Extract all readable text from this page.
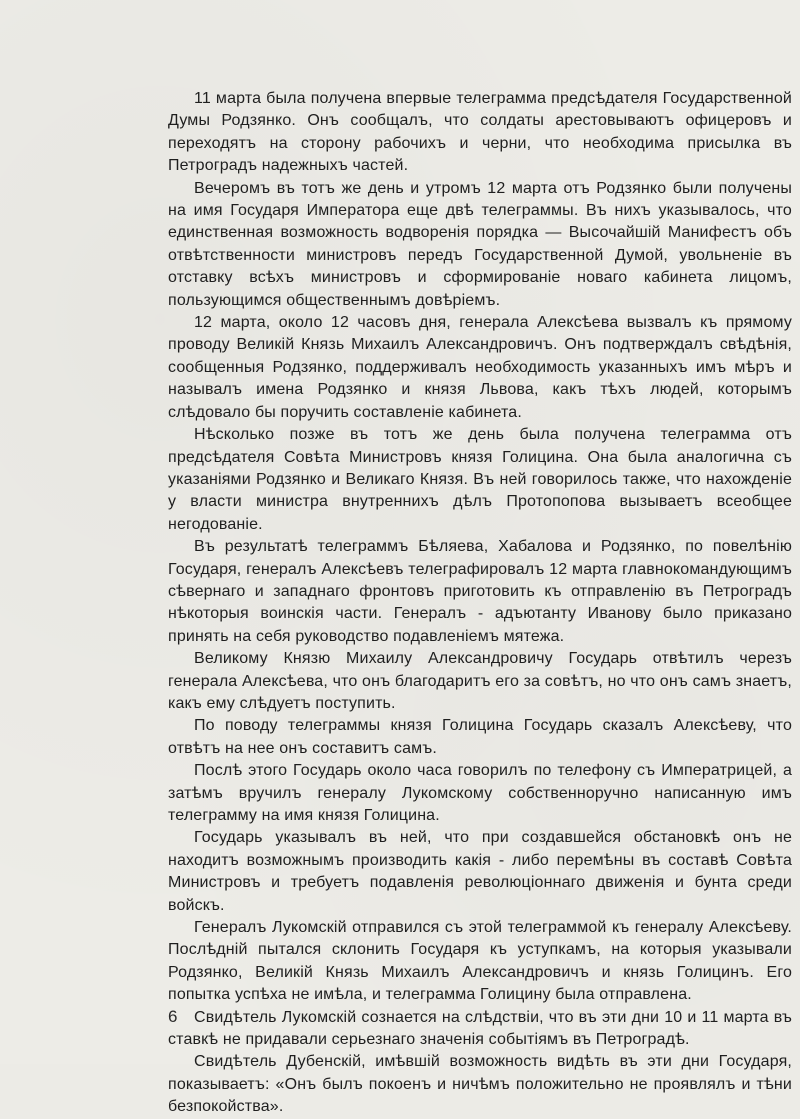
11 марта была получена впервые телеграмма предсѣдателя Государственной Думы Родзянко. Онъ сообщалъ, что солдаты арестовываютъ офицеровъ и переходятъ на сторону рабочихъ и черни, что необходима присылка въ Петроградъ надежныхъ частей.

Вечеромъ въ тотъ же день и утромъ 12 марта отъ Родзянко были получены на имя Государя Императора еще двѣ телеграммы. Въ нихъ указывалось, что единственная возможность водворенія порядка — Высочайшій Манифестъ объ отвѣтственности министровъ передъ Государственной Думой, увольненіе въ отставку всѣхъ министровъ и сформированіе новаго кабинета лицомъ, пользующимся общественнымъ довѣріемъ.

12 марта, около 12 часовъ дня, генерала Алексѣева вызвалъ къ прямому проводу Великій Князь Михаилъ Александровичъ. Онъ подтверждалъ свѣдѣнія, сообщенныя Родзянко, поддерживалъ необходимость указанныхъ имъ мѣръ и называлъ имена Родзянко и князя Львова, какъ тѣхъ людей, которымъ слѣдовало бы поручить составленіе кабинета.

Нѣсколько позже въ тотъ же день была получена телеграмма отъ предсѣдателя Совѣта Министровъ князя Голицина. Она была аналогична съ указаніями Родзянко и Великаго Князя. Въ ней говорилось также, что нахожденіе у власти министра внутреннихъ дѣлъ Протопопова вызываетъ всеобщее негодованіе.

Въ результатѣ телеграммъ Бѣляева, Хабалова и Родзянко, по повелѣнію Государя, генералъ Алексѣевъ телеграфировалъ 12 марта главнокомандующимъ сѣвернаго и западнаго фронтовъ приготовить къ отправленію въ Петроградъ нѣкоторыя воинскія части. Генералъ - адъютанту Иванову было приказано принять на себя руководство подавленіемъ мятежа.

Великому Князю Михаилу Александровичу Государь отвѣтилъ черезъ генерала Алексѣева, что онъ благодаритъ его за совѣтъ, но что онъ самъ знаетъ, какъ ему слѣдуетъ поступить.

По поводу телеграммы князя Голицина Государь сказалъ Алексѣеву, что отвѣтъ на нее онъ составитъ самъ.

Послѣ этого Государь около часа говорилъ по телефону съ Императрицей, а затѣмъ вручилъ генералу Лукомскому собственноручно написанную имъ телеграмму на имя князя Голицина.

Государь указывалъ въ ней, что при создавшейся обстановкѣ онъ не находитъ возможнымъ производить какія - либо перемѣны въ составѣ Совѣта Министровъ и требуетъ подавленія революціоннаго движенія и бунта среди войскъ.

Генералъ Лукомскій отправился съ этой телеграммой къ генералу Алексѣеву. Послѣдній пытался склонить Государя къ уступкамъ, на которыя указывали Родзянко, Великій Князь Михаилъ Александровичъ и князь Голицинъ. Его попытка успѣха не имѣла, и телеграмма Голицину была отправлена.

Свидѣтель Лукомскій сознается на слѣдствіи, что въ эти дни 10 и 11 марта въ ставкѣ не придавали серьезнаго значенія событіямъ въ Петроградѣ.

Свидѣтель Дубенскій, имѣвшій возможность видѣть въ эти дни Государя, показываетъ: «Онъ былъ покоенъ и ничѣмъ положительно не проявлялъ и тѣни безпокойства».

6
